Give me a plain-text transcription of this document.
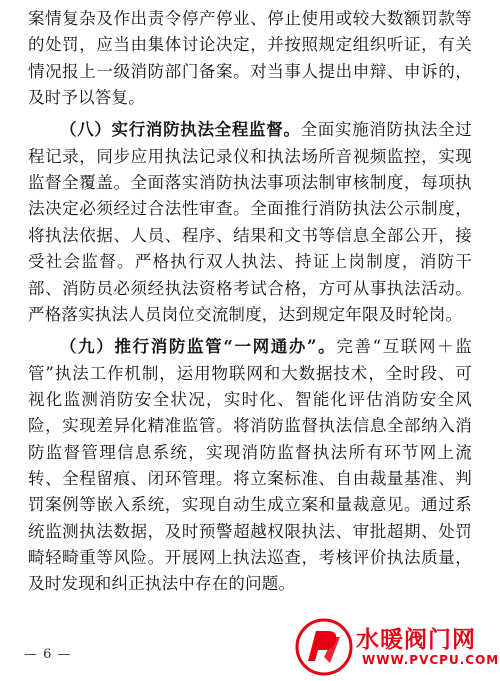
案情复杂及作出责令停产停业、停止使用或较大数额罚款等
的处罚，应当由集体讨论决定，并按照规定组织听证，有关
情况报上一级消防部门备案。对当事人提出申辩、申诉的，
及时予以答复。
（八）实行消防执法全程监督。全面实施消防执法全过
程记录，同步应用执法记录仪和执法场所音视频监控，实现
监督全覆盖。全面落实消防执法事项法制审核制度，每项执
法决定必须经过合法性审查。全面推行消防执法公示制度，
将执法依据、人员、程序、结果和文书等信息全部公开，接
受社会监督。严格执行双人执法、持证上岗制度，消防干
部、消防员必须经执法资格考试合格，方可从事执法活动。
严格落实执法人员岗位交流制度，达到规定年限及时轮岗。
（九）推行消防监管“一网通办”。完善“互联网＋监
管”执法工作机制，运用物联网和大数据技术，全时段、可
视化监测消防安全状况，实时化、智能化评估消防安全风
险，实现差异化精准监管。将消防监督执法信息全部纳入消
防监督管理信息系统，实现消防监督执法所有环节网上流
转、全程留痕、闭环管理。将立案标准、自由裁量基准、判
罚案例等嵌入系统，实现自动生成立案和量裁意见。通过系
统监测执法数据，及时预警超越权限执法、审批超期、处罚
畸轻畸重等风险。开展网上执法巡查，考核评价执法质量，
及时发现和纠正执法中存在的问题。
— 6 —
水暖阀门网
WWW.PVCPU.COM
